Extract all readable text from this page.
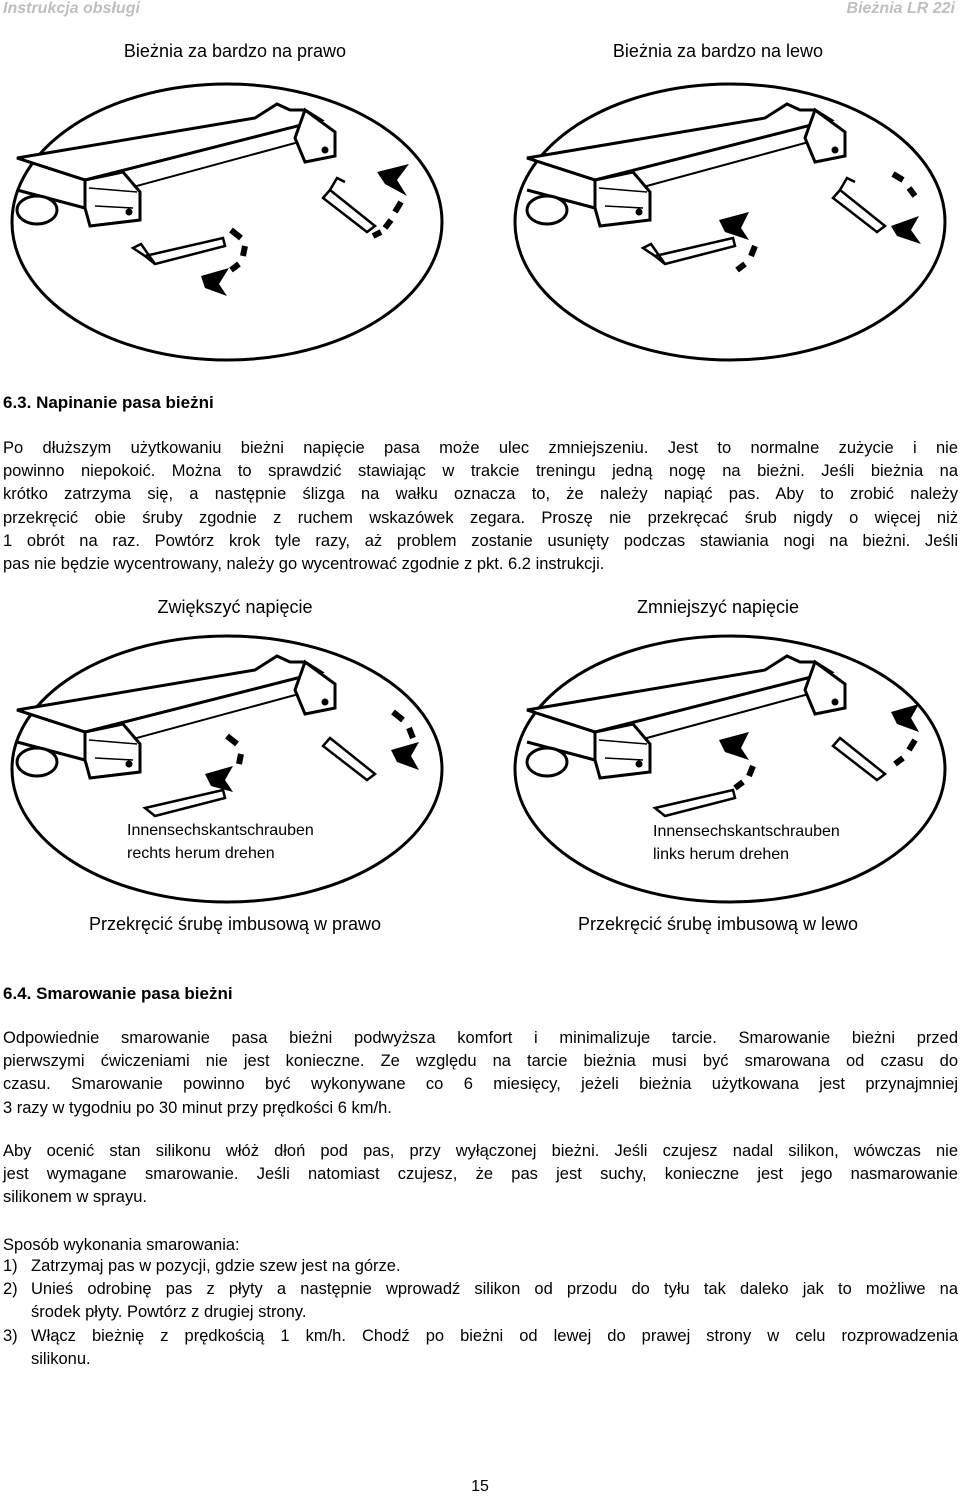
Instrukcja obsługi	Bieżnia LR 22i
Bieżnia za bardzo na prawo	Bieżnia za bardzo na lewo
6.3. Napinanie pasa bieżni
Po dłuższym użytkowaniu bieżni napięcie pasa może ulec zmniejszeniu. Jest to normalne zużycie i nie
powinno niepokoić. Można to sprawdzić stawiając w trakcie treningu jedną nogę na bieżni. Jeśli bieżnia na
krótko zatrzyma się, a następnie ślizga na wałku oznacza to, że należy napiąć pas. Aby to zrobić należy
przekręcić obie śruby zgodnie z ruchem wskazówek zegara. Proszę nie przekręcać śrub nigdy o więcej niż
1 obrót na raz. Powtórz krok tyle razy, aż problem zostanie usunięty podczas stawiania nogi na bieżni. Jeśli
pas nie będzie wycentrowany, należy go wycentrować zgodnie z pkt. 6.2 instrukcji.
Zwiększyć napięcie	Zmniejszyć napięcie
Innensechskantschrauben
rechts herum drehen
Innensechskantschrauben
links herum drehen
Przekręcić śrubę imbusową w prawo	Przekręcić śrubę imbusową w lewo
6.4. Smarowanie pasa bieżni
Odpowiednie smarowanie pasa bieżni podwyższa komfort i minimalizuje tarcie. Smarowanie bieżni przed
pierwszymi ćwiczeniami nie jest konieczne. Ze względu na tarcie bieżnia musi być smarowana od czasu do
czasu. Smarowanie powinno być wykonywane co 6 miesięcy, jeżeli bieżnia użytkowana jest przynajmniej
3 razy w tygodniu po 30 minut przy prędkości 6 km/h.
Aby ocenić stan silikonu włóż dłoń pod pas, przy wyłączonej bieżni. Jeśli czujesz nadal silikon, wówczas nie
jest wymagane smarowanie. Jeśli natomiast czujesz, że pas jest suchy, konieczne jest jego nasmarowanie
silikonem w sprayu.
Sposób wykonania smarowania:
1) Zatrzymaj pas w pozycji, gdzie szew jest na górze.
2) Unieś odrobinę pas z płyty a następnie wprowadź silikon od przodu do tyłu tak daleko jak to możliwe na
środek płyty. Powtórz z drugiej strony.
3) Włącz bieżnię z prędkością 1 km/h. Chodź po bieżni od lewej do prawej strony w celu rozprowadzenia
silikonu.
15
